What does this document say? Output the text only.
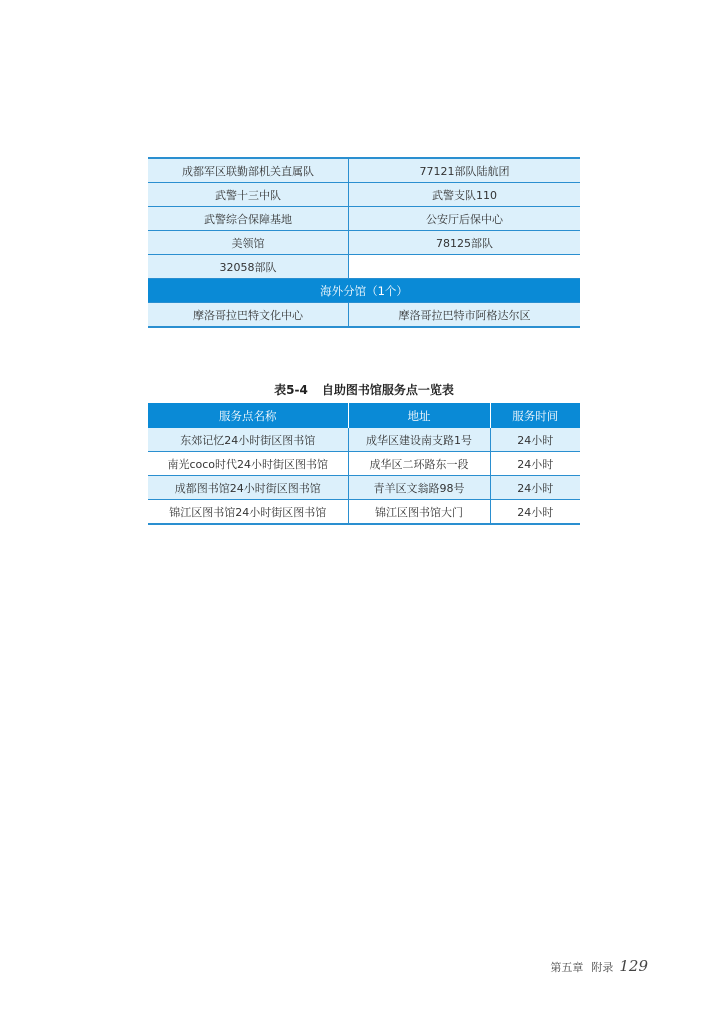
成都军区联勤部机关直属队	77121部队陆航团
武警十三中队	武警支队110
武警综合保障基地	公安厅后保中心
美领馆	78125部队
32058部队	
海外分馆（1个）	
摩洛哥拉巴特文化中心	摩洛哥拉巴特市阿格达尔区
表5-4 自助图书馆服务点一览表
服务点名称	地址	服务时间
东郊记忆24小时街区图书馆	成华区建设南支路1号	24小时
南光coco时代24小时街区图书馆	成华区二环路东一段	24小时
成都图书馆24小时街区图书馆	青羊区文翁路98号	24小时
锦江区图书馆24小时街区图书馆	锦江区图书馆大门	24小时
第五章 附录 129
